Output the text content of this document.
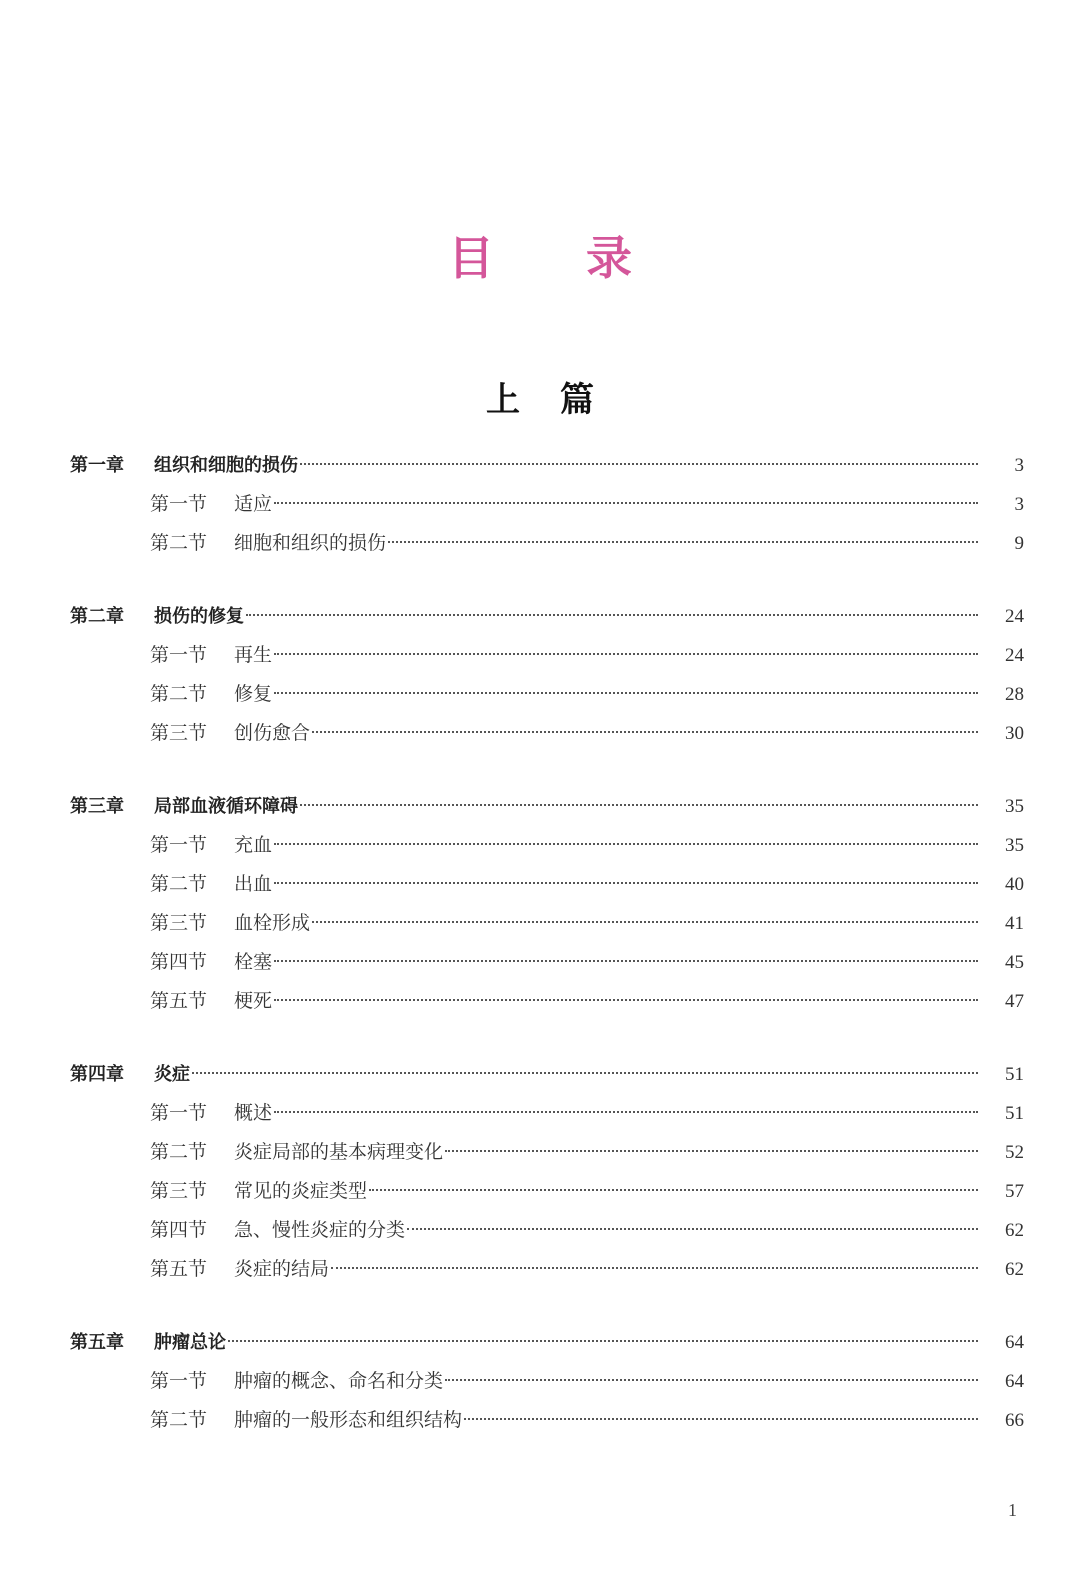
目录
上篇
第一章	组织和细胞的损伤	3
第一节	适应	3
第二节	细胞和组织的损伤	9
第二章	损伤的修复	24
第一节	再生	24
第二节	修复	28
第三节	创伤愈合	30
第三章	局部血液循环障碍	35
第一节	充血	35
第二节	出血	40
第三节	血栓形成	41
第四节	栓塞	45
第五节	梗死	47
第四章	炎症	51
第一节	概述	51
第二节	炎症局部的基本病理变化	52
第三节	常见的炎症类型	57
第四节	急、慢性炎症的分类	62
第五节	炎症的结局	62
第五章	肿瘤总论	64
第一节	肿瘤的概念、命名和分类	64
第二节	肿瘤的一般形态和组织结构	66
1
